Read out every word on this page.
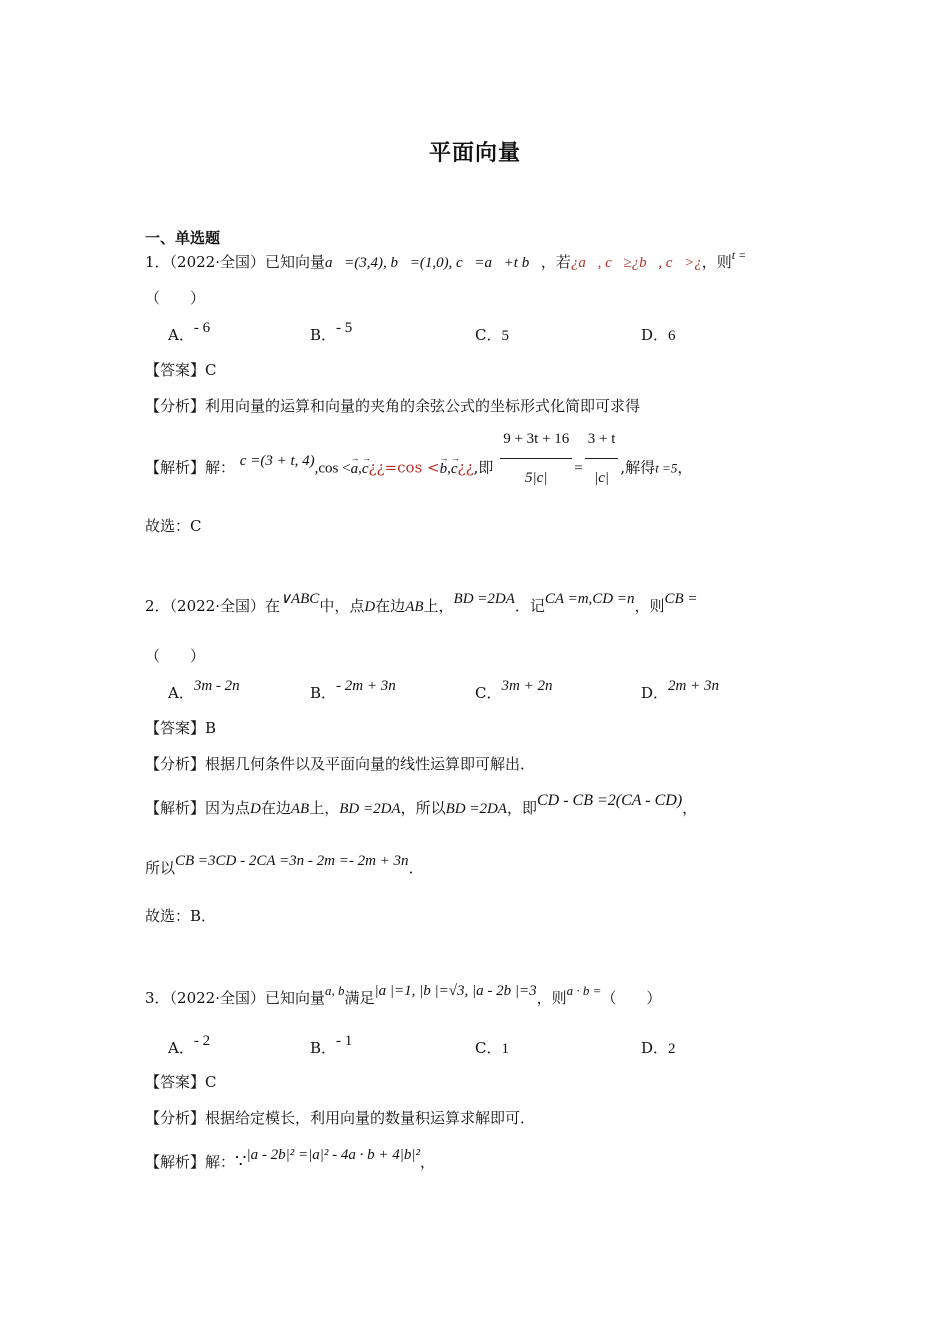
平面向量
一、单选题
1．（2022·全国）已知向量a⃗=(3,4), b⃗=(1,0), c⃗=a⃗+t b⃗，若¿a⃗, c⃗≥¿b⃗, c⃗>¿，则$^{t =}$
（　　）
A．- 6	B．- 5	C．5	D．6
【答案】C
【分析】利用向量的运算和向量的夹角的余弦公式的坐标形式化简即可求得
【解析】解： c =(3 + t, 4),cos <→ a,→ c¿¿=cos <→ b,→ c¿¿,即 $\frac{9 + 3t + 16}{5|c|} = \frac{3 + t}{|c|}$ ,解得t =5，
故选：C
2．（2022·全国）在∨ABC中，点D在边AB上，BD =2DA．记CA =m,CD =n，则CB =
（　　）
A．3m - 2n	B．- 2m + 3n	C．3m + 2n	D．2m + 3n
【答案】B
【分析】根据几何条件以及平面向量的线性运算即可解出．
【解析】因为点D在边AB上，BD =2DA，所以BD =2DA，即CD - CB =2(CA - CD)，
所以CB =3CD - 2CA =3n - 2m =- 2m + 3n．
故选：B．
3．（2022·全国）已知向量a, b满足|a |=1, |b |=√3, |a - 2b |=3，则a · b =（　　）
A．- 2	B．- 1	C．1	D．2
【答案】C
【分析】根据给定模长，利用向量的数量积运算求解即可．
【解析】解：∵|a - 2b|² =|a|² - 4a · b + 4|b|²，
